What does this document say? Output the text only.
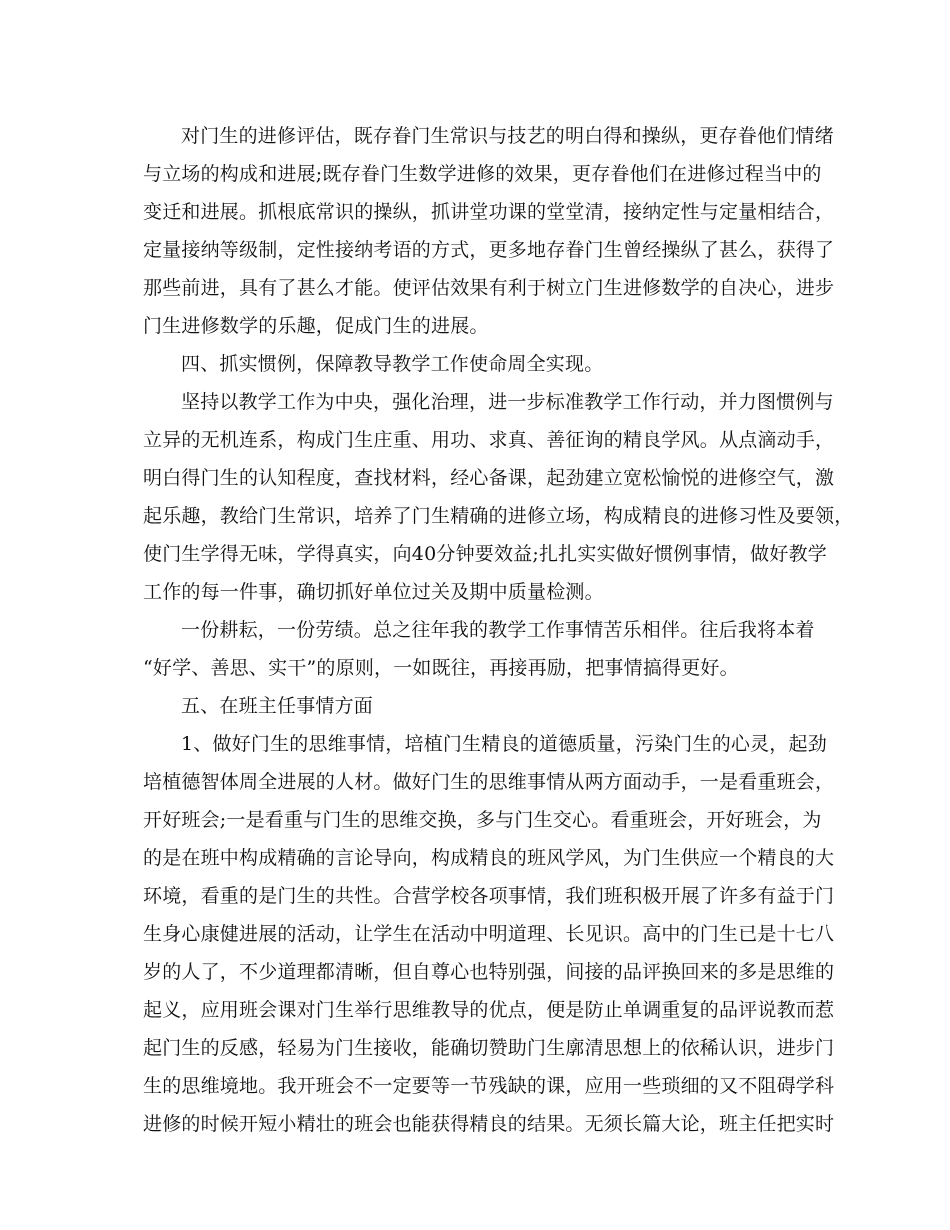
对门生的进修评估，既存眷门生常识与技艺的明白得和操纵，更存眷他们情绪
与立场的构成和进展;既存眷门生数学进修的效果，更存眷他们在进修过程当中的
变迁和进展。抓根底常识的操纵，抓讲堂功课的堂堂清，接纳定性与定量相结合，
定量接纳等级制，定性接纳考语的方式，更多地存眷门生曾经操纵了甚么，获得了
那些前进，具有了甚么才能。使评估效果有利于树立门生进修数学的自决心，进步
门生进修数学的乐趣，促成门生的进展。
四、抓实惯例，保障教导教学工作使命周全实现。
坚持以教学工作为中央，强化治理，进一步标准教学工作行动，并力图惯例与
立异的无机连系，构成门生庄重、用功、求真、善征询的精良学风。从点滴动手，
明白得门生的认知程度，查找材料，经心备课，起劲建立宽松愉悦的进修空气，激
起乐趣，教给门生常识，培养了门生精确的进修立场，构成精良的进修习性及要领，
使门生学得无味，学得真实，向40分钟要效益;扎扎实实做好惯例事情，做好教学
工作的每一件事，确切抓好单位过关及期中质量检测。
一份耕耘，一份劳绩。总之往年我的教学工作事情苦乐相伴。往后我将本着
“好学、善思、实干”的原则，一如既往，再接再励，把事情搞得更好。
五、在班主任事情方面
1、做好门生的思维事情，培植门生精良的道德质量，污染门生的心灵，起劲
培植德智体周全进展的人材。做好门生的思维事情从两方面动手，一是看重班会，
开好班会;一是看重与门生的思维交换，多与门生交心。看重班会，开好班会，为
的是在班中构成精确的言论导向，构成精良的班风学风，为门生供应一个精良的大
环境，看重的是门生的共性。合营学校各项事情，我们班积极开展了许多有益于门
生身心康健进展的活动，让学生在活动中明道理、长见识。高中的门生已是十七八
岁的人了，不少道理都清晰，但自尊心也特别强，间接的品评换回来的多是思维的
起义，应用班会课对门生举行思维教导的优点，便是防止单调重复的品评说教而惹
起门生的反感，轻易为门生接收，能确切赞助门生廓清思想上的依稀认识，进步门
生的思维境地。我开班会不一定要等一节残缺的课，应用一些琐细的又不阻碍学科
进修的时候开短小精壮的班会也能获得精良的结果。无须长篇大论，班主任把实时
